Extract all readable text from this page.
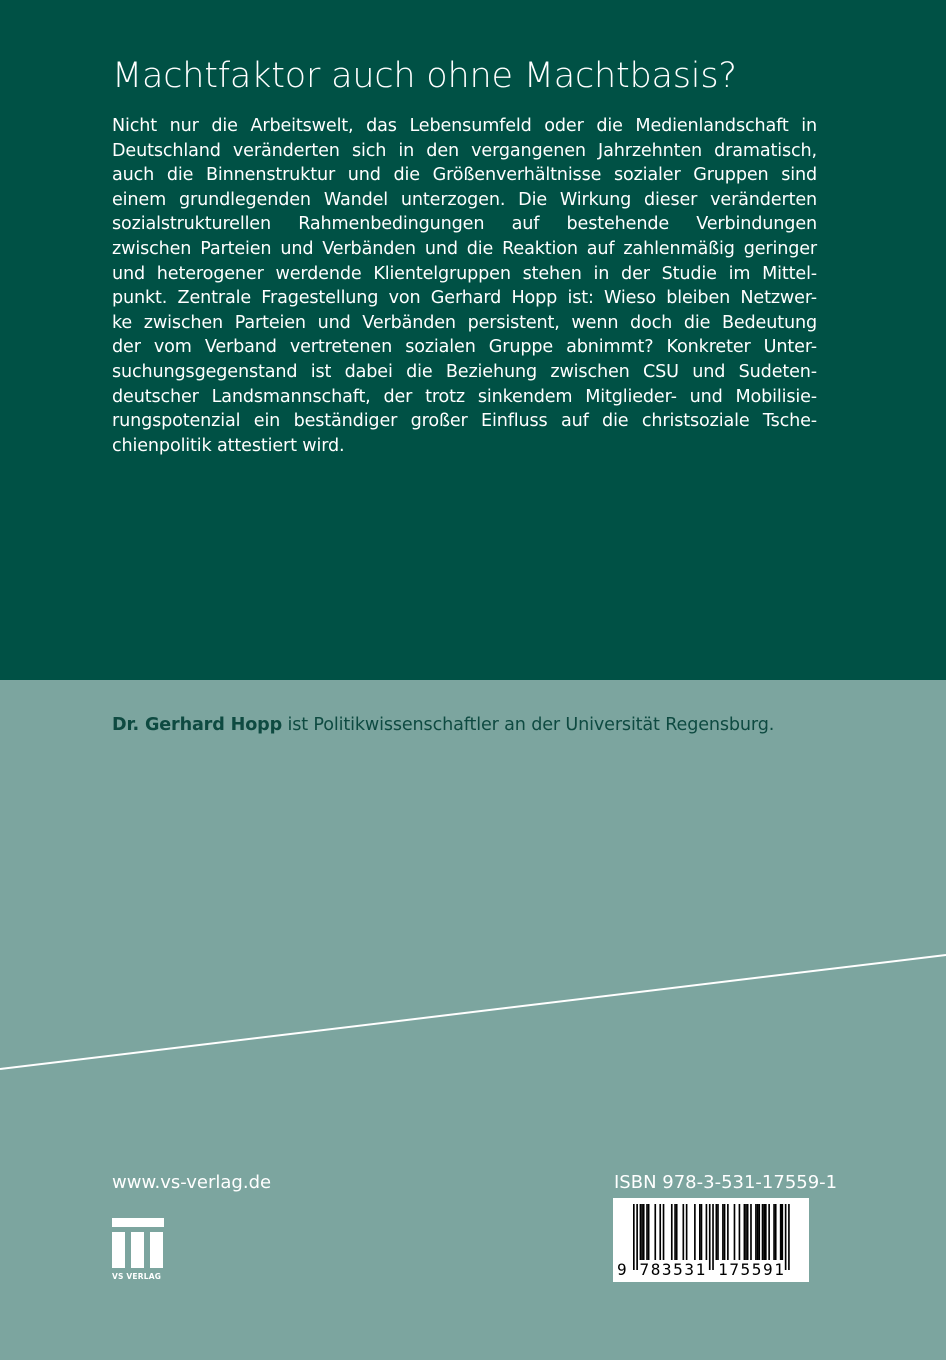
Machtfaktor auch ohne Machtbasis?
Nicht nur die Arbeitswelt, das Lebensumfeld oder die Medienlandschaft in
Deutschland veränderten sich in den vergangenen Jahrzehnten dramatisch,
auch die Binnenstruktur und die Größenverhältnisse sozialer Gruppen sind
einem grundlegenden Wandel unterzogen. Die Wirkung dieser veränderten
sozialstrukturellen Rahmenbedingungen auf bestehende Verbindungen
zwischen Parteien und Verbänden und die Reaktion auf zahlenmäßig geringer
und heterogener werdende Klientelgruppen stehen in der Studie im Mittel-
punkt. Zentrale Fragestellung von Gerhard Hopp ist: Wieso bleiben Netzwer-
ke zwischen Parteien und Verbänden persistent, wenn doch die Bedeutung
der vom Verband vertretenen sozialen Gruppe abnimmt? Konkreter Unter-
suchungsgegenstand ist dabei die Beziehung zwischen CSU und Sudeten-
deutscher Landsmannschaft, der trotz sinkendem Mitglieder- und Mobilisie-
rungspotenzial ein beständiger großer Einfluss auf die christsoziale Tsche-
chienpolitik attestiert wird.
Dr. Gerhard Hopp ist Politikwissenschaftler an der Universität Regensburg.
www.vs-verlag.de
VS VERLAG
ISBN 978-3-531-17559-1
9 783531 175591
